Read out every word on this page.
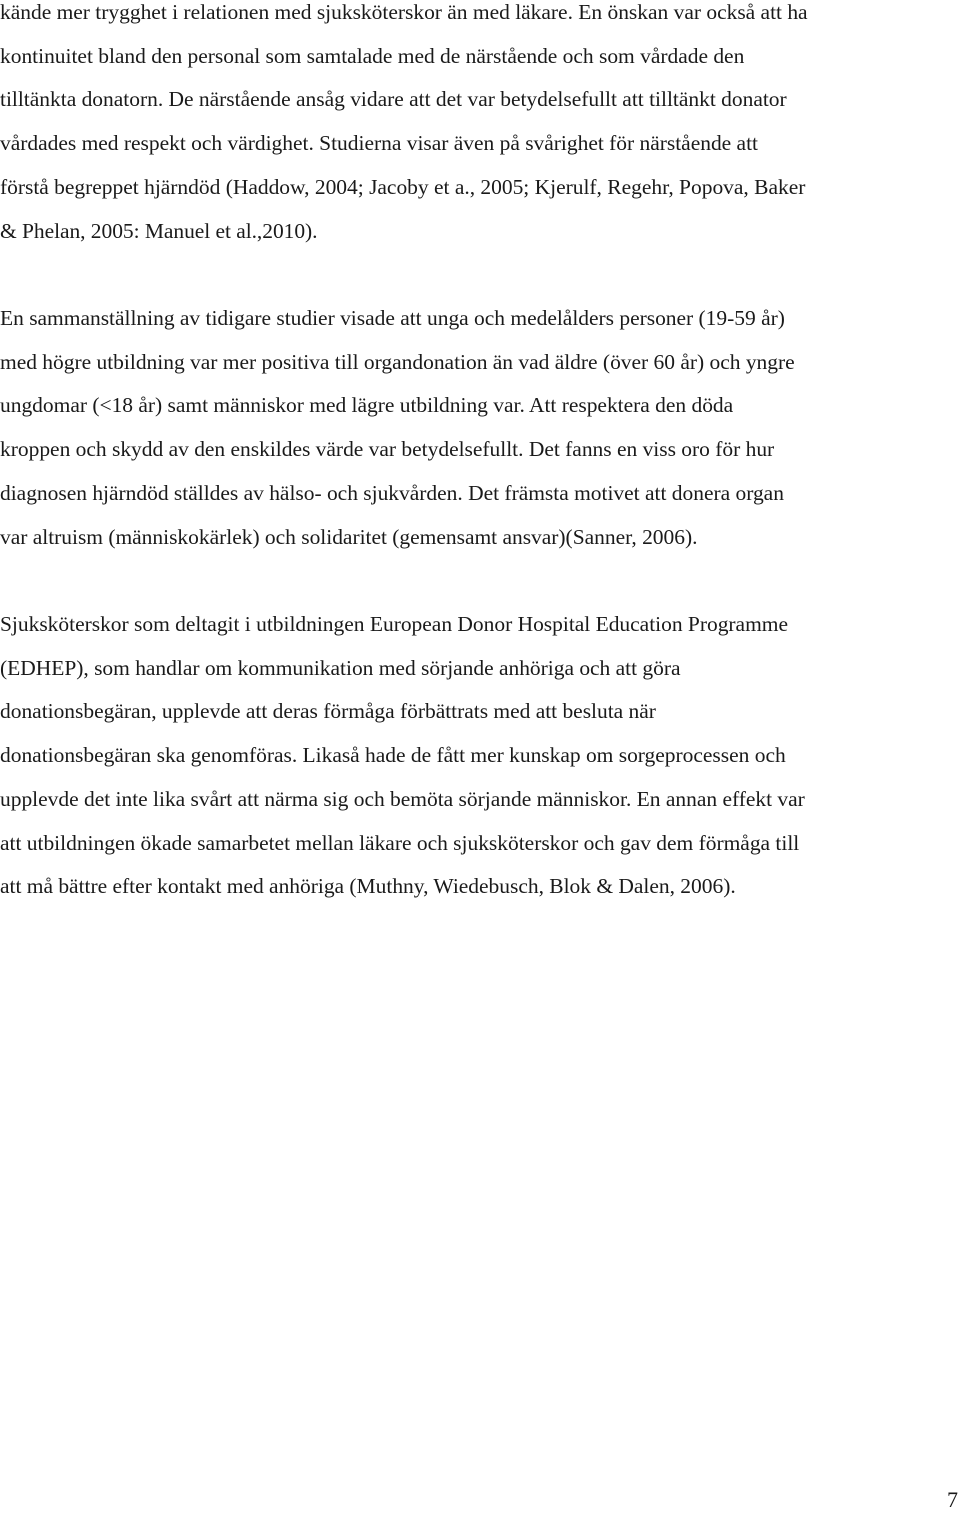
kände mer trygghet i relationen med sjuksköterskor än med läkare. En önskan var också att ha
kontinuitet bland den personal som samtalade med de närstående och som vårdade den
tilltänkta donatorn. De närstående ansåg vidare att det var betydelsefullt att tilltänkt donator
vårdades med respekt och värdighet. Studierna visar även på svårighet för närstående att
förstå begreppet hjärndöd (Haddow, 2004; Jacoby et a., 2005; Kjerulf, Regehr, Popova, Baker
& Phelan, 2005: Manuel et al.,2010).

En sammanställning av tidigare studier visade att unga och medelålders personer (19-59 år)
med högre utbildning var mer positiva till organdonation än vad äldre (över 60 år) och yngre
ungdomar (<18 år) samt människor med lägre utbildning var. Att respektera den döda
kroppen och skydd av den enskildes värde var betydelsefullt. Det fanns en viss oro för hur
diagnosen hjärndöd ställdes av hälso- och sjukvården. Det främsta motivet att donera organ
var altruism (människokärlek) och solidaritet (gemensamt ansvar)(Sanner, 2006).

Sjuksköterskor som deltagit i utbildningen European Donor Hospital Education Programme
(EDHEP), som handlar om kommunikation med sörjande anhöriga och att göra
donationsbegäran, upplevde att deras förmåga förbättrats med att besluta när
donationsbegäran ska genomföras. Likaså hade de fått mer kunskap om sorgeprocessen och
upplevde det inte lika svårt att närma sig och bemöta sörjande människor. En annan effekt var
att utbildningen ökade samarbetet mellan läkare och sjuksköterskor och gav dem förmåga till
att må bättre efter kontakt med anhöriga (Muthny, Wiedebusch, Blok & Dalen, 2006).

7
